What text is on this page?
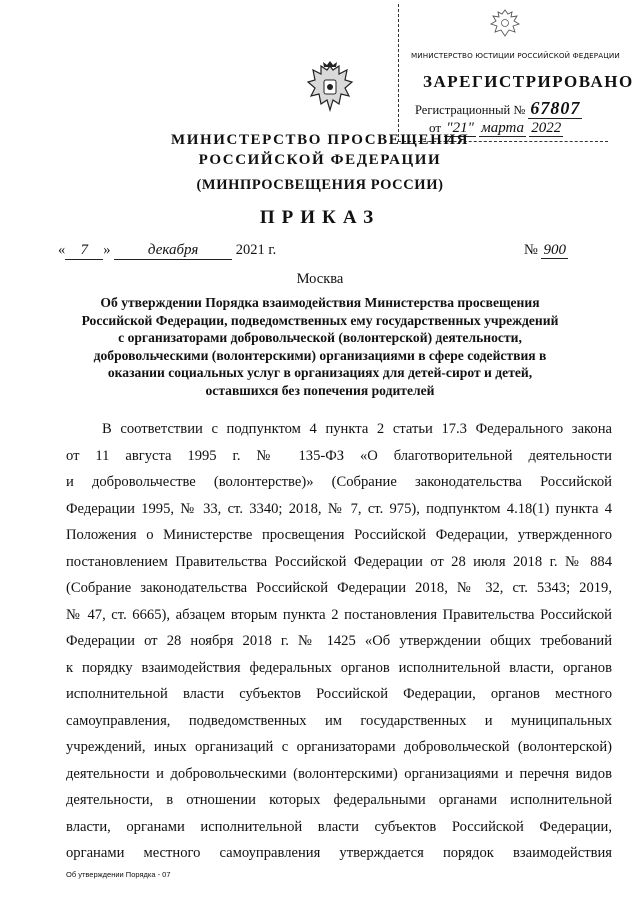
МИНИСТЕРСТВО ЮСТИЦИИ РОССИЙСКОЙ ФЕДЕРАЦИИ
ЗАРЕГИСТРИРОВАНО
Регистрационный № 67807
от "21" марта 2022
МИНИСТЕРСТВО ПРОСВЕЩЕНИЯ
РОССИЙСКОЙ ФЕДЕРАЦИИ
(МИНПРОСВЕЩЕНИЯ РОССИИ)
ПРИКАЗ
« 7 » декабря	2021 г.	№ 900
Москва
Об утверждении Порядка взаимодействия Министерства просвещения
Российской Федерации, подведомственных ему государственных учреждений
с организаторами добровольческой (волонтерской) деятельности,
добровольческими (волонтерскими) организациями в сфере содействия в
оказании социальных услуг в организациях для детей-сирот и детей,
оставшихся без попечения родителей
В соответствии с подпунктом 4 пункта 2 статьи 17.3 Федерального закона
от 11 августа 1995 г. № 135-ФЗ «О благотворительной деятельности
и добровольчестве (волонтерстве)» (Собрание законодательства Российской
Федерации 1995, № 33, ст. 3340; 2018, № 7, ст. 975), подпунктом 4.18(1) пункта 4
Положения о Министерстве просвещения Российской Федерации, утвержденного
постановлением Правительства Российской Федерации от 28 июля 2018 г. № 884
(Собрание законодательства Российской Федерации 2018, № 32, ст. 5343; 2019,
№ 47, ст. 6665), абзацем вторым пункта 2 постановления Правительства Российской
Федерации от 28 ноября 2018 г. № 1425 «Об утверждении общих требований
к порядку взаимодействия федеральных органов исполнительной власти, органов
исполнительной власти субъектов Российской Федерации, органов местного
самоуправления, подведомственных им государственных и муниципальных
учреждений, иных организаций с организаторами добровольческой (волонтерской)
деятельности и добровольческими (волонтерскими) организациями и перечня видов
деятельности, в отношении которых федеральными органами исполнительной
власти, органами исполнительной власти субъектов Российской Федерации,
органами местного самоуправления утверждается порядок взаимодействия
Об утверждении Порядка - 07
